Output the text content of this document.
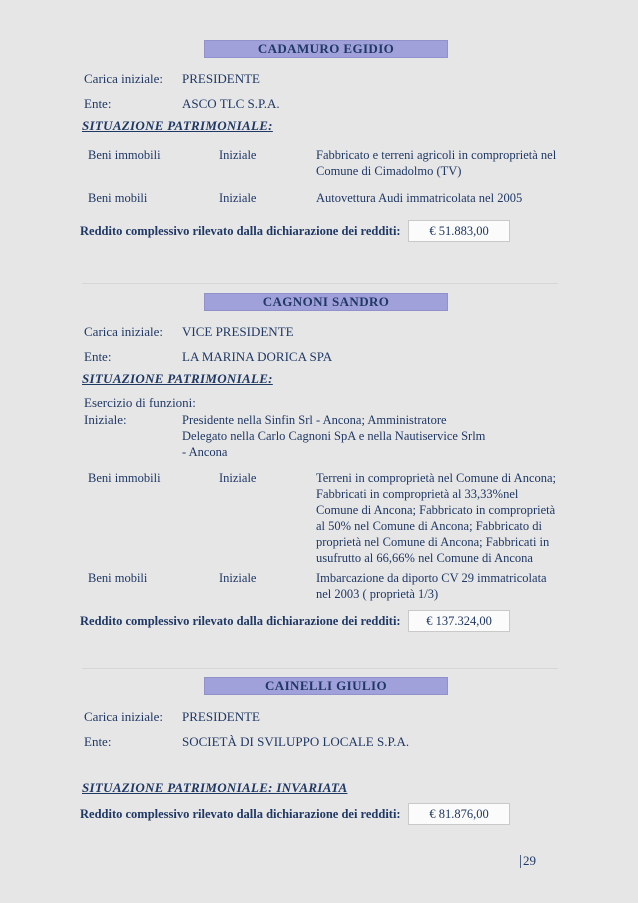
CADAMURO EGIDIO
Carica iniziale:	PRESIDENTE
Ente:	ASCO TLC S.P.A.
SITUAZIONE PATRIMONIALE:
Beni immobili	Iniziale	Fabbricato e terreni agricoli in comproprietà nel Comune di Cimadolmo (TV)
Beni mobili	Iniziale	Autovettura Audi immatricolata nel 2005
Reddito complessivo rilevato dalla dichiarazione dei redditi:	€ 51.883,00
CAGNONI SANDRO
Carica iniziale:	VICE PRESIDENTE
Ente:	LA MARINA DORICA SPA
SITUAZIONE PATRIMONIALE:
Esercizio di funzioni:
Iniziale:	Presidente nella Sinfin Srl - Ancona; Amministratore Delegato nella Carlo Cagnoni SpA e nella Nautiservice Srlm - Ancona
Beni immobili	Iniziale	Terreni in comproprietà nel Comune di Ancona; Fabbricati in comproprietà al 33,33%nel Comune di Ancona; Fabbricato in comproprietà al 50% nel Comune di Ancona; Fabbricato di proprietà nel Comune di Ancona; Fabbricati in usufrutto al 66,66% nel Comune di Ancona
Beni mobili	Iniziale	Imbarcazione da diporto CV 29 immatricolata nel 2003 ( proprietà 1/3)
Reddito complessivo rilevato dalla dichiarazione dei redditi:	€ 137.324,00
CAINELLI GIULIO
Carica iniziale:	PRESIDENTE
Ente:	SOCIETÀ DI SVILUPPO LOCALE S.P.A.
SITUAZIONE PATRIMONIALE: INVARIATA
Reddito complessivo rilevato dalla dichiarazione dei redditi:	€ 81.876,00
|29
